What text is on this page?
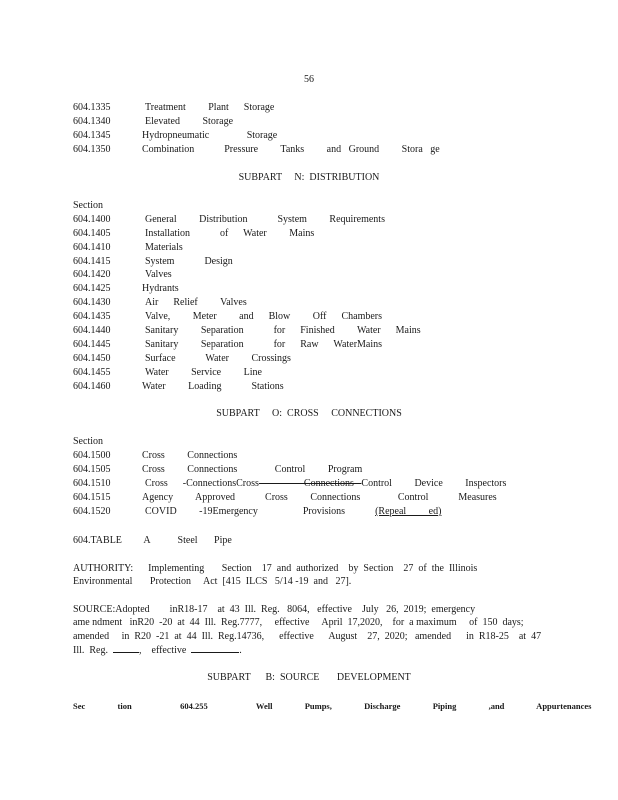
56
604.1335	Treatment   Plant  Storage
604.1340	Elevated   Storage
604.1345	Hydropneumatic     Storage
604.1350	Combination    Pressure   Tanks   and Ground   Stora ge
SUBPART     N:  DISTRIBUTION
Section
604.1400	General   Distribution    System   Requirements
604.1405	Installation    of  Water   Mains
604.1410	Materials
604.1415	System    Design
604.1420	Valves
604.1425	Hydrants
604.1430	Air  Relief   Valves
604.1435	Valve,   Meter   and  Blow   Off  Chambers
604.1440	Sanitary   Separation    for  Finished   Water  Mains
604.1445	Sanitary   Separation    for  Raw  WaterMains
604.1450	Surface    Water   Crossings
604.1455	Water   Service   Line
604.1460	Water   Loading    Stations
SUBPART     O:  CROSS     CONNECTIONS
Section
604.1500	Cross   Connections
604.1505	Cross   Connections     Control   Program
604.1510	Cross  -ConnectionsCross      Connections Control   Device   Inspectors
604.1515	Agency   Approved    Cross   Connections     Control    Measures
604.1520	COVID   -19Emergency      Provisions    (Repeal   ed)
604.TABLE    A     Steel   Pipe
AUTHORITY:      Implementing       Section    17  and  authorized    by  Section    27  of  the  Illinois
Environmental       Protection     Act  [415  ILCS   5/14 -19  and   27].
SOURCE:Adopted        inR18-17    at  43  Ill.  Reg.   8064,   effective    July   26,  2019;  emergency
ame ndment   inR20  -20  at  44  Ill.  Reg.7777,     effective     April  17,2020,    for  a maximum     of  150  days;
amended     in  R20  -21  at  44  Ill.  Reg.14736,      effective      August    27,  2020;   amended      in  R18-25    at  47
Ill.  Reg.	,    effective	.
SUBPART      B:  SOURCE       DEVELOPMENT
Sec  tion   604.255   Well  Pumps,  Discharge  Piping  ,and  Appurtenances
